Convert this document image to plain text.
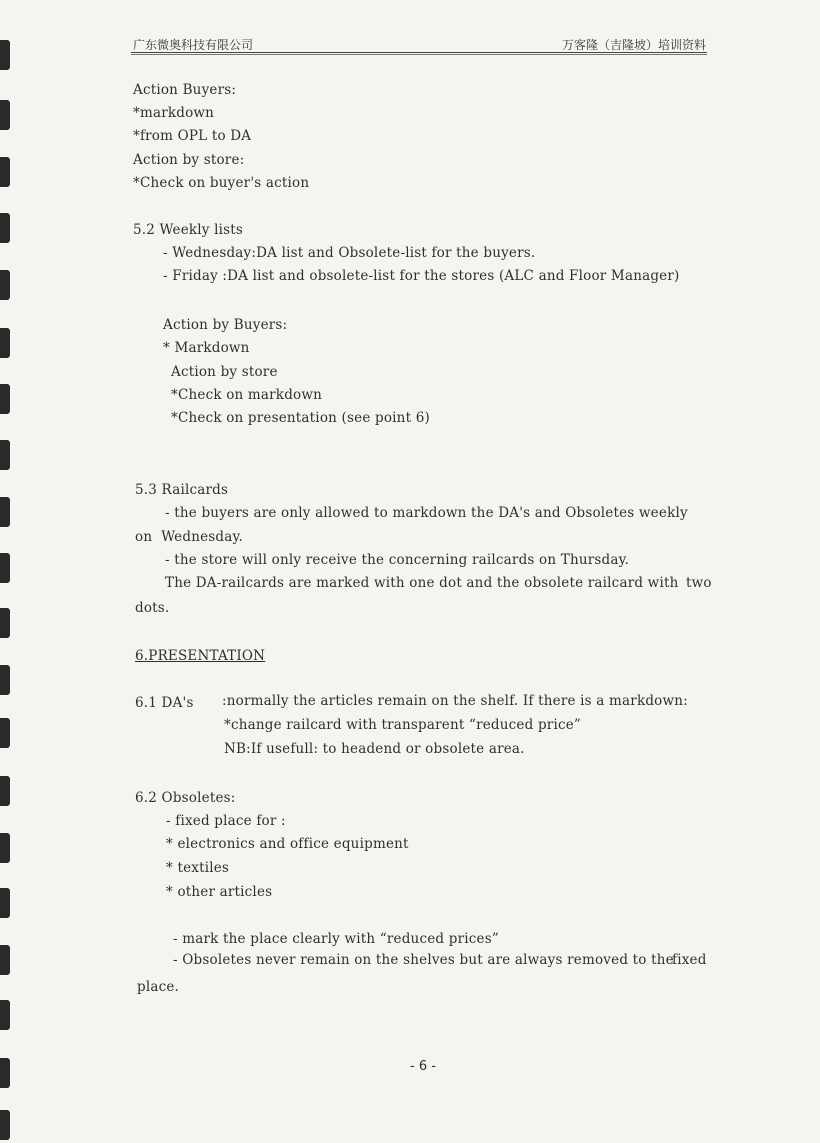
广东微奥科技有限公司	万客隆（吉隆坡）培训资料
Action Buyers:
*markdown
*from OPL to DA
Action by store:
*Check on buyer's action
5.2 Weekly lists
- Wednesday:DA list and Obsolete-list for the buyers.
- Friday :DA list and obsolete-list for the stores (ALC and Floor Manager)
Action by Buyers:
* Markdown
Action by store
*Check on markdown
*Check on presentation (see point 6)
5.3 Railcards
- the buyers are only allowed to markdown the DA's and Obsoletes weekly
on  Wednesday.
- the store will only receive the concerning railcards on Thursday.
The DA-railcards are marked with one dot and the obsolete railcard with two
dots.
6.PRESENTATION
6.1 DA's :normally the articles remain on the shelf. If there is a markdown:
*change railcard with transparent “reduced price”
NB:If usefull: to headend or obsolete area.
6.2 Obsoletes:
- fixed place for :
* electronics and office equipment
* textiles
* other articles
- mark the place clearly with “reduced prices”
- Obsoletes never remain on the shelves but are always removed to the
fixed
place.
- 6 -
